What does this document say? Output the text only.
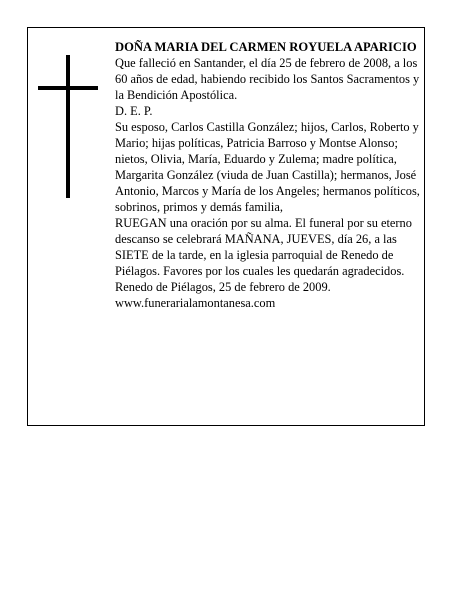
DOÑA MARIA DEL CARMEN ROYUELA APARICIO

Que falleció en Santander, el día 25 de febrero de 2008, a los 60 años de edad, habiendo recibido los Santos Sacramentos y la Bendición Apostólica.

D. E. P.

Su esposo, Carlos Castilla González; hijos, Carlos, Roberto y Mario; hijas políticas, Patricia Barroso y Montse Alonso; nietos, Olivia, María, Eduardo y Zulema; madre política, Margarita González (viuda de Juan Castilla); hermanos, José Antonio, Marcos y María de los Angeles; hermanos políticos, sobrinos, primos y demás familia,

RUEGAN una oración por su alma. El funeral por su eterno descanso se celebrará MAÑANA, JUEVES, día 26, a las SIETE de la tarde, en la iglesia parroquial de Renedo de Piélagos. Favores por los cuales les quedarán agradecidos.

Renedo de Piélagos, 25 de febrero de 2009.

www.funerarialamontanesa.com
